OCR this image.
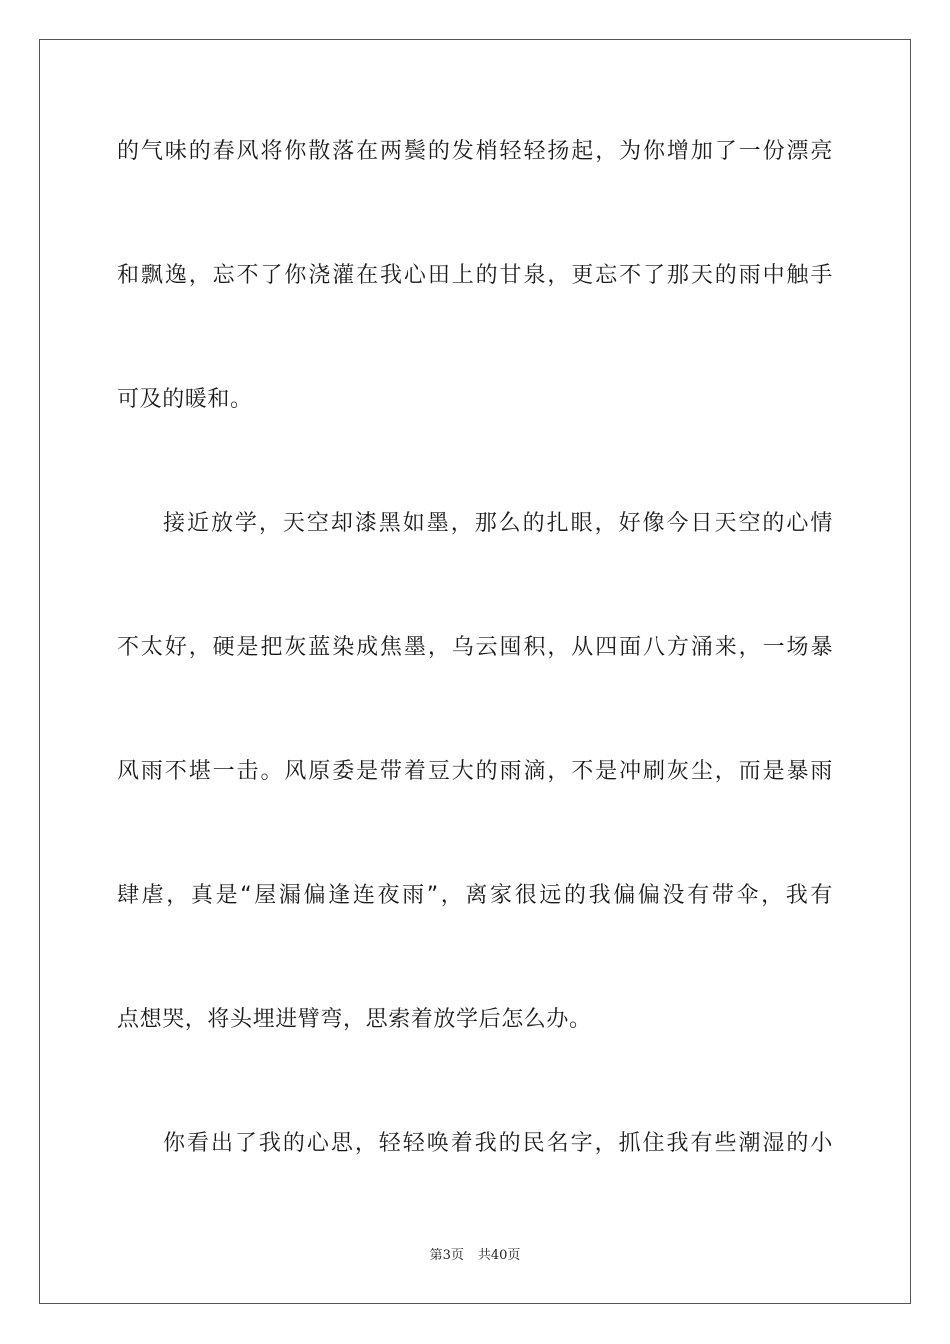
的气味的春风将你散落在两鬓的发梢轻轻扬起，为你增加了一份漂亮
和飘逸，忘不了你浇灌在我心田上的甘泉，更忘不了那天的雨中触手
可及的暖和。
接近放学，天空却漆黑如墨，那么的扎眼，好像今日天空的心情
不太好，硬是把灰蓝染成焦墨，乌云囤积，从四面八方涌来，一场暴
风雨不堪一击。风原委是带着豆大的雨滴，不是冲刷灰尘，而是暴雨
肆虐，真是“屋漏偏逢连夜雨”，离家很远的我偏偏没有带伞，我有
点想哭，将头埋进臂弯，思索着放学后怎么办。
你看出了我的心思，轻轻唤着我的民名字，抓住我有些潮湿的小
第3页 共40页
